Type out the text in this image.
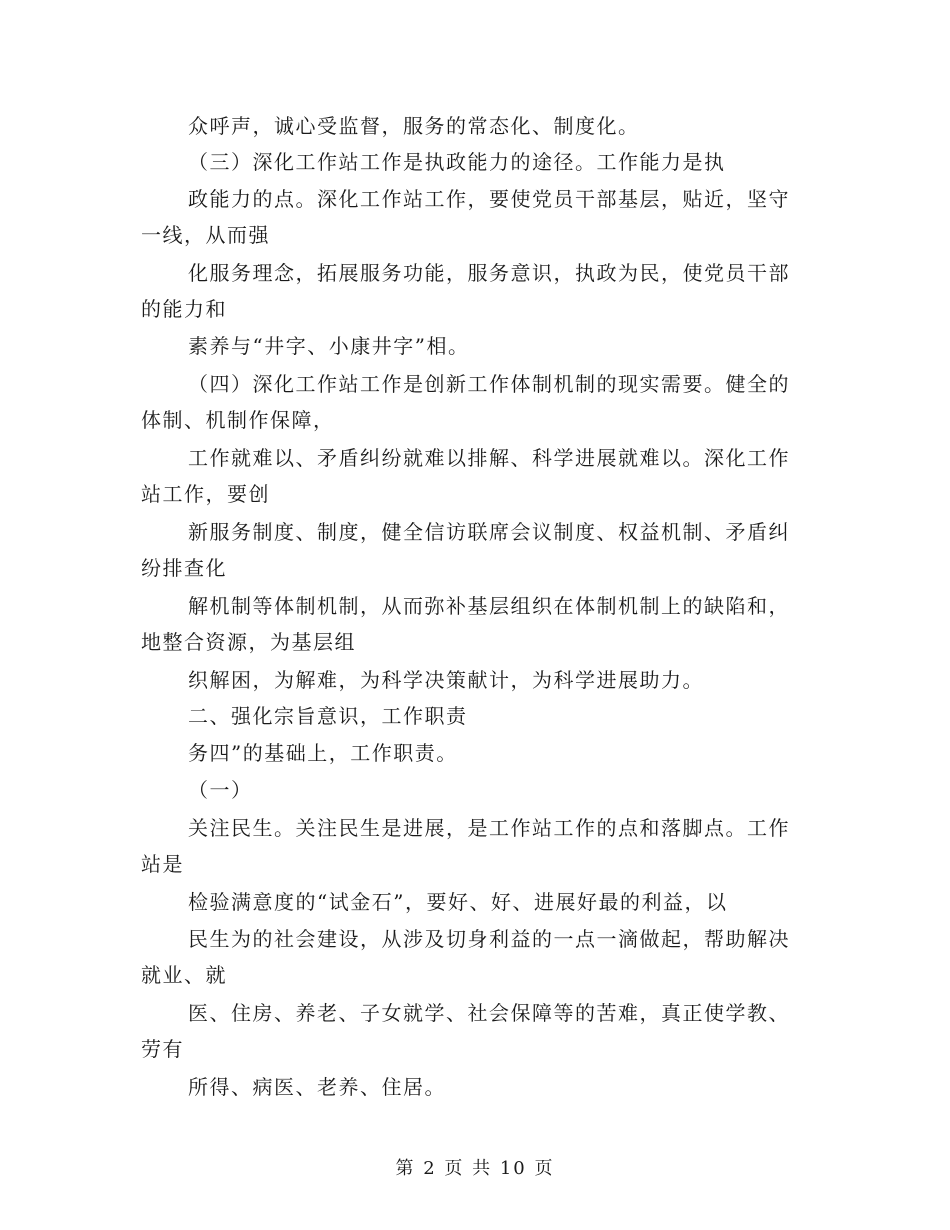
众呼声，诚心受监督，服务的常态化、制度化。
（三）深化工作站工作是执政能力的途径。工作能力是执
政能力的点。深化工作站工作，要使党员干部基层，贴近，坚守
一线，从而强
化服务理念，拓展服务功能，服务意识，执政为民，使党员干部
的能力和
素养与“井字、小康井字”相。
（四）深化工作站工作是创新工作体制机制的现实需要。健全的
体制、机制作保障，
工作就难以、矛盾纠纷就难以排解、科学进展就难以。深化工作
站工作，要创
新服务制度、制度，健全信访联席会议制度、权益机制、矛盾纠
纷排查化
解机制等体制机制，从而弥补基层组织在体制机制上的缺陷和，
地整合资源，为基层组
织解困，为解难，为科学决策献计，为科学进展助力。
二、强化宗旨意识，工作职责
务四”的基础上，工作职责。
（一）
关注民生。关注民生是进展，是工作站工作的点和落脚点。工作
站是
检验满意度的“试金石”，要好、好、进展好最的利益，以
民生为的社会建设，从涉及切身利益的一点一滴做起，帮助解决
就业、就
医、住房、养老、子女就学、社会保障等的苦难，真正使学教、
劳有
所得、病医、老养、住居。
第 2 页 共 10 页
